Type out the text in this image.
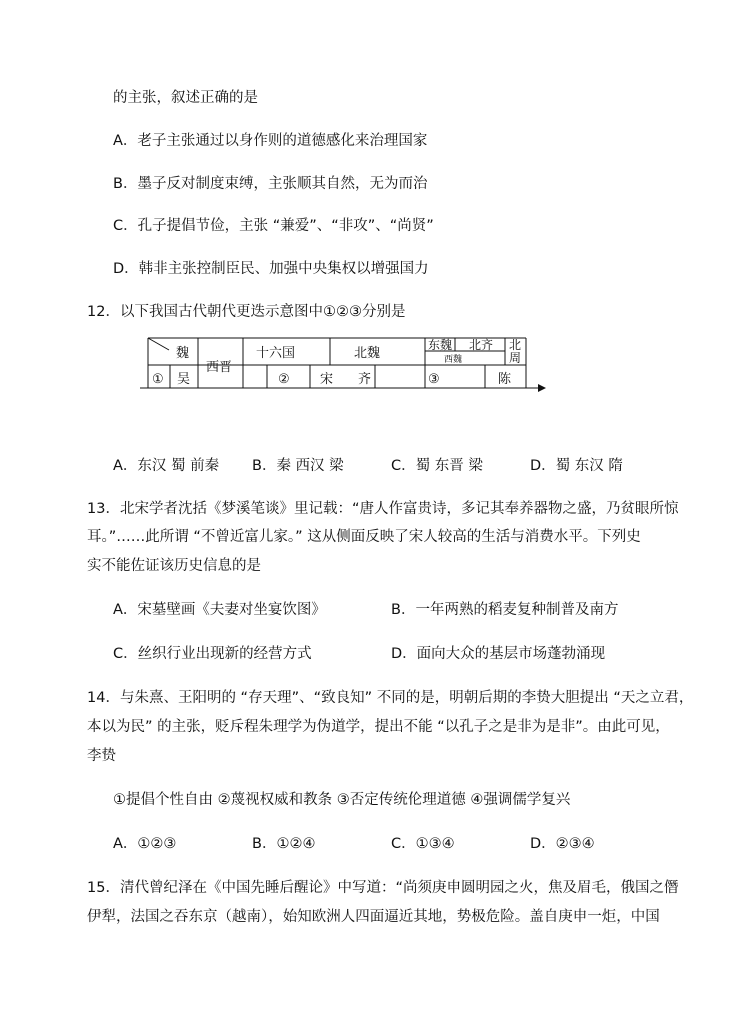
的主张，叙述正确的是
A．老子主张通过以身作则的道德感化来治理国家
B．墨子反对制度束缚，主张顺其自然，无为而治
C．孔子提倡节俭，主张 “兼爱”、“非攻”、“尚贤”
D．韩非主张控制臣民、加强中央集权以增强国力
12．以下我国古代朝代更迭示意图中①②③分别是
魏
① 吴
西晋
十六国
②
北魏
宋 齐	③
东魏 北齐
西魏
北
周
陈
A．东汉 蜀 前秦 B．秦 西汉 梁	C．蜀 东晋 梁	D．蜀 东汉 隋
13．北宋学者沈括《梦溪笔谈》里记载：“唐人作富贵诗，多记其奉养器物之盛，乃贫眼所惊
耳。”……此所谓 “不曾近富儿家。” 这从侧面反映了宋人较高的生活与消费水平。下列史
实不能佐证该历史信息的是
A．宋墓壁画《夫妻对坐宴饮图》	B．一年两熟的稻麦复种制普及南方
C．丝织行业出现新的经营方式	D．面向大众的基层市场蓬勃涌现
14．与朱熹、王阳明的 “存天理”、“致良知” 不同的是，明朝后期的李贽大胆提出 “天之立君，
本以为民” 的主张，贬斥程朱理学为伪道学，提出不能 “以孔子之是非为是非”。由此可见，
李贽
①提倡个性自由 ②蔑视权威和教条 ③否定传统伦理道德 ④强调儒学复兴
A．①②③	B．①②④	C．①③④	D．②③④
15．清代曾纪泽在《中国先睡后醒论》中写道：“尚须庚申圆明园之火，焦及眉毛，俄国之僭
伊犁，法国之吞东京（越南），始知欧洲人四面逼近其地，势极危险。盖自庚申一炬，中国
